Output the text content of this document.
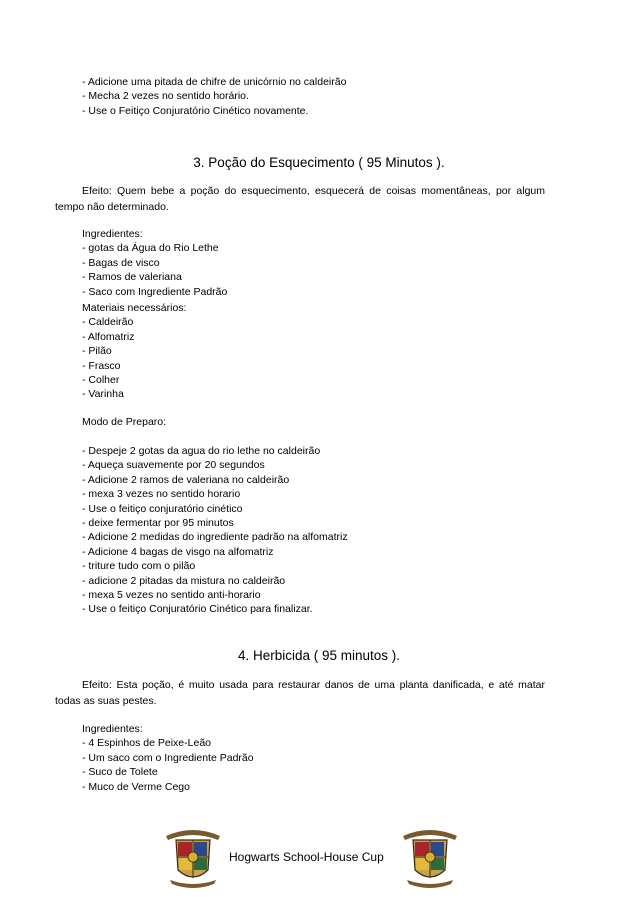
- Adicione uma pitada de chifre de unicórnio no caldeirão
- Mecha 2 vezes no sentido horário.
- Use o Feitiço Conjuratório Cinético novamente.
3. Poção do Esquecimento ( 95 Minutos ).
Efeito: Quem bebe a poção do esquecimento, esquecerá de coisas momentâneas, por algum tempo não determinado.
Ingredientes:
- gotas da Água do Rio Lethe
- Bagas de visco
- Ramos de valeriana
- Saco com Ingrediente Padrão
Materiais necessários:
- Caldeirão
- Alfomatriz
- Pilão
- Frasco
- Colher
- Varinha
Modo de Preparo:
- Despeje 2 gotas da agua do rio lethe no caldeirão
- Aqueça suavemente por 20 segundos
- Adicione 2 ramos de valeriana no caldeirão
- mexa 3 vezes no sentido horario
- Use o feitiço conjuratório cinético
- deixe fermentar por 95 minutos
- Adicione 2 medidas do ingrediente padrão na alfomatriz
- Adicione 4 bagas de visgo na alfomatriz
- triture tudo com o pilão
- adicione 2 pitadas da mistura no caldeirão
- mexa 5 vezes no sentido anti-horario
- Use o feitiço Conjuratório Cinético para finalizar.
4. Herbicida ( 95 minutos ).
Efeito: Esta poção, é muito usada para restaurar danos de uma planta danificada, e até matar todas as suas pestes.
Ingredientes:
- 4 Espinhos de Peixe-Leão
- Um saco com o Ingrediente Padrão
- Suco de Tolete
- Muco de Verme Cego
Hogwarts School-House Cup
